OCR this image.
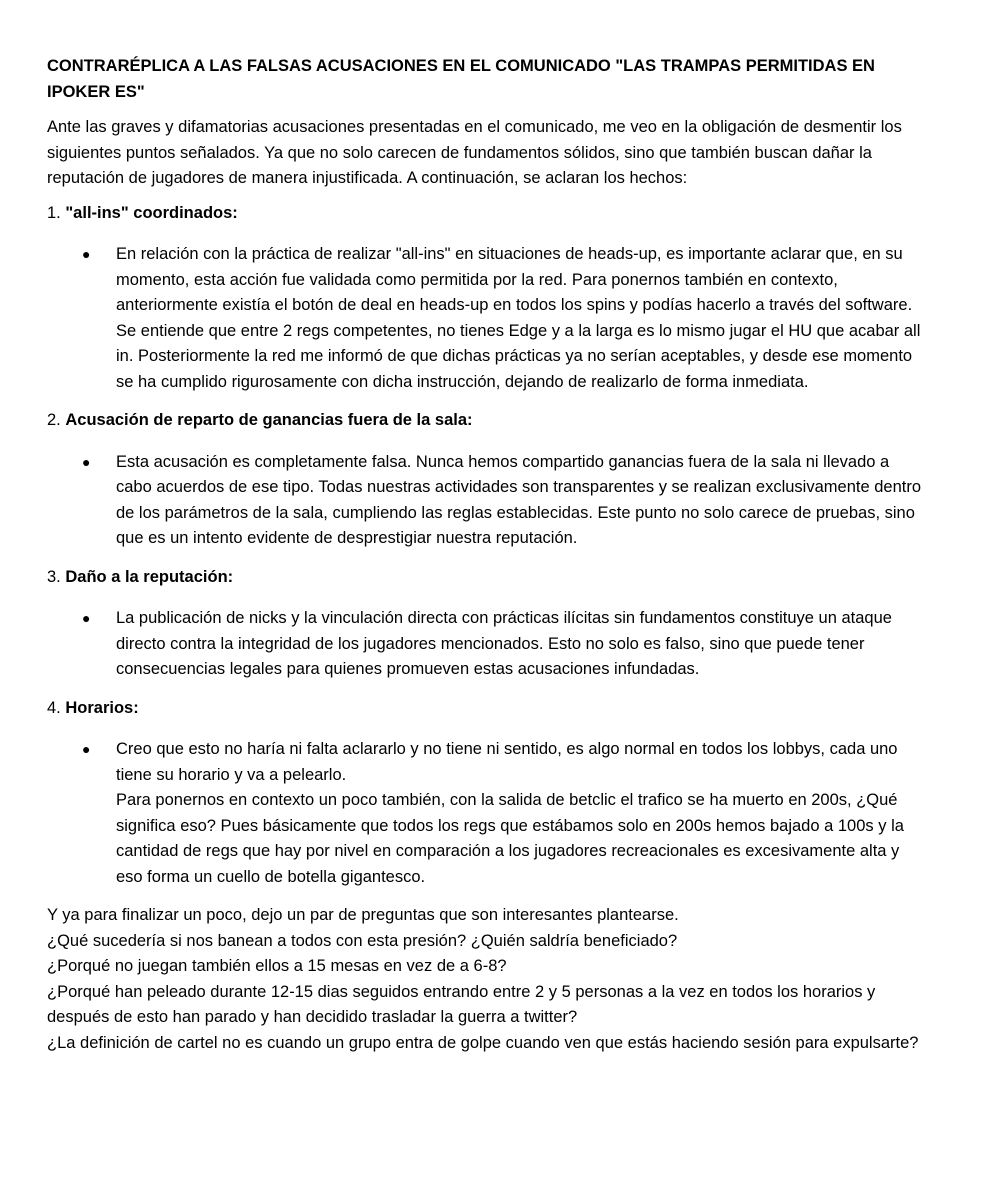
CONTRARÉPLICA A LAS FALSAS ACUSACIONES EN EL COMUNICADO "LAS TRAMPAS PERMITIDAS EN IPOKER ES"

Ante las graves y difamatorias acusaciones presentadas en el comunicado, me veo en la obligación de desmentir los siguientes puntos señalados. Ya que no solo carecen de fundamentos sólidos, sino que también buscan dañar la reputación de jugadores de manera injustificada. A continuación, se aclaran los hechos:

1. "all-ins" coordinados:

● En relación con la práctica de realizar "all-ins" en situaciones de heads-up, es importante aclarar que, en su momento, esta acción fue validada como permitida por la red. Para ponernos también en contexto, anteriormente existía el botón de deal en heads-up en todos los spins y podías hacerlo a través del software. Se entiende que entre 2 regs competentes, no tienes Edge y a la larga es lo mismo jugar el HU que acabar all in. Posteriormente la red me informó de que dichas prácticas ya no serían aceptables, y desde ese momento se ha cumplido rigurosamente con dicha instrucción, dejando de realizarlo de forma inmediata.

2. Acusación de reparto de ganancias fuera de la sala:

● Esta acusación es completamente falsa. Nunca hemos compartido ganancias fuera de la sala ni llevado a cabo acuerdos de ese tipo. Todas nuestras actividades son transparentes y se realizan exclusivamente dentro de los parámetros de la sala, cumpliendo las reglas establecidas. Este punto no solo carece de pruebas, sino que es un intento evidente de desprestigiar nuestra reputación.

3. Daño a la reputación:

● La publicación de nicks y la vinculación directa con prácticas ilícitas sin fundamentos constituye un ataque directo contra la integridad de los jugadores mencionados. Esto no solo es falso, sino que puede tener consecuencias legales para quienes promueven estas acusaciones infundadas.

4. Horarios:

● Creo que esto no haría ni falta aclararlo y no tiene ni sentido, es algo normal en todos los lobbys, cada uno tiene su horario y va a pelearlo.
Para ponernos en contexto un poco también, con la salida de betclic el trafico se ha muerto en 200s, ¿Qué significa eso? Pues básicamente que todos los regs que estábamos solo en 200s hemos bajado a 100s y la cantidad de regs que hay por nivel en comparación a los jugadores recreacionales es excesivamente alta y eso forma un cuello de botella gigantesco.
Y ya para finalizar un poco, dejo un par de preguntas que son interesantes plantearse.
¿Qué sucedería si nos banean a todos con esta presión? ¿Quién saldría beneficiado?
¿Porqué no juegan también ellos a 15 mesas en vez de a 6-8?
¿Porqué han peleado durante 12-15 dias seguidos entrando entre 2 y 5 personas a la vez en todos los horarios y después de esto han parado y han decidido trasladar la guerra a twitter?
¿La definición de cartel no es cuando un grupo entra de golpe cuando ven que estás haciendo sesión para expulsarte?
